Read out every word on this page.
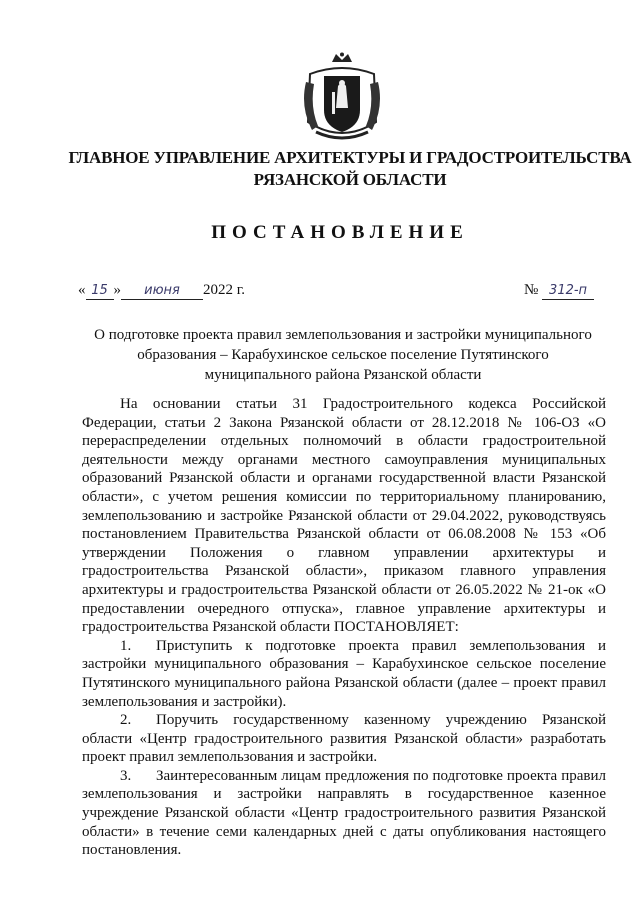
ГЛАВНОЕ УПРАВЛЕНИЕ АРХИТЕКТУРЫ И ГРАДОСТРОИТЕЛЬСТВА
РЯЗАНСКОЙ ОБЛАСТИ
ПОСТАНОВЛЕНИЕ
« 15 » июня 2022 г.	№ 312-п
О подготовке проекта правил землепользования и застройки муниципального
образования – Карабухинское сельское поселение Путятинского
муниципального района Рязанской области

На основании статьи 31 Градостроительного кодекса Российской Федерации, статьи 2 Закона Рязанской области от 28.12.2018 № 106-ОЗ «О перераспределении отдельных полномочий в области градостроительной деятельности между органами местного самоуправления муниципальных образований Рязанской области и органами государственной власти Рязанской области», с учетом решения комиссии по территориальному планированию, землепользованию и застройке Рязанской области от 29.04.2022, руководствуясь постановлением Правительства Рязанской области от 06.08.2008 № 153 «Об утверждении Положения о главном управлении архитектуры и градостроительства Рязанской области», приказом главного управления архитектуры и градостроительства Рязанской области от 26.05.2022 № 21-ок «О предоставлении очередного отпуска», главное управление архитектуры и градостроительства Рязанской области ПОСТАНОВЛЯЕТ:

1. Приступить к подготовке проекта правил землепользования и застройки муниципального образования – Карабухинское сельское поселение Путятинского муниципального района Рязанской области (далее – проект правил землепользования и застройки).

2. Поручить государственному казенному учреждению Рязанской области «Центр градостроительного развития Рязанской области» разработать проект правил землепользования и застройки.

3. Заинтересованным лицам предложения по подготовке проекта правил землепользования и застройки направлять в государственное казенное учреждение Рязанской области «Центр градостроительного развития Рязанской области» в течение семи календарных дней с даты опубликования настоящего постановления.
